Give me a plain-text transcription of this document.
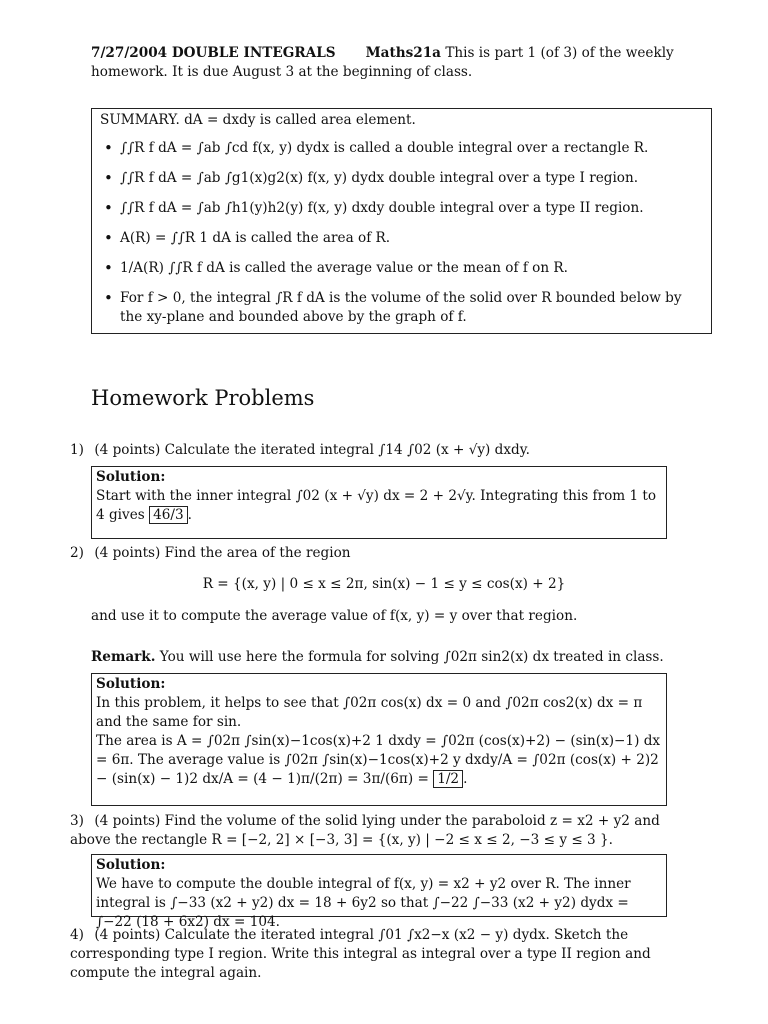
7/27/2004 DOUBLE INTEGRALS Maths21a This is part 1 (of 3) of the weekly homework. It is due August 3 at the beginning of class.
SUMMARY. dA = dxdy is called area element.
• ∫∫R f dA = ∫ab ∫cd f(x, y) dydx is called a double integral over a rectangle R.
• ∫∫R f dA = ∫ab ∫g1(x)g2(x) f(x, y) dydx double integral over a type I region.
• ∫∫R f dA = ∫ab ∫h1(y)h2(y) f(x, y) dxdy double integral over a type II region.
• A(R) = ∫∫R 1 dA is called the area of R.
• 1/A(R) ∫∫R f dA is called the average value or the mean of f on R.
• For f > 0, the integral ∫R f dA is the volume of the solid over R bounded below by the xy-plane and bounded above by the graph of f.
Homework Problems
1) (4 points) Calculate the iterated integral ∫14 ∫02 (x + √y) dxdy.
Solution:
Start with the inner integral ∫02 (x + √y) dx = 2 + 2√y. Integrating this from 1 to 4 gives 46/3 .
2) (4 points) Find the area of the region
R = {(x, y) | 0 ≤ x ≤ 2π, sin(x) − 1 ≤ y ≤ cos(x) + 2}
and use it to compute the average value of f(x, y) = y over that region.
Remark. You will use here the formula for solving ∫02π sin2(x) dx treated in class.
Solution:
In this problem, it helps to see that ∫02π cos(x) dx = 0 and ∫02π cos2(x) dx = π and the same for sin.
The area is A = ∫02π ∫sin(x)−1cos(x)+2 1 dxdy = ∫02π (cos(x)+2) − (sin(x)−1) dx = 6π. The average value is ∫02π ∫sin(x)−1cos(x)+2 y dxdy/A = ∫02π (cos(x) + 2)2 − (sin(x) − 1)2 dx/A = (4 − 1)π/(2π) = 3π/(6π) = 1/2 .
3) (4 points) Find the volume of the solid lying under the paraboloid z = x2 + y2 and above the rectangle R = [−2, 2] × [−3, 3] = {(x, y) | −2 ≤ x ≤ 2, −3 ≤ y ≤ 3 }.
Solution:
We have to compute the double integral of f(x, y) = x2 + y2 over R. The inner integral is ∫−33 (x2 + y2) dx = 18 + 6y2 so that ∫−22 ∫−33 (x2 + y2) dydx = ∫−22 (18 + 6x2) dx = 104.
4) (4 points) Calculate the iterated integral ∫01 ∫x2−x (x2 − y) dydx. Sketch the corresponding type I region. Write this integral as integral over a type II region and compute the integral again.
